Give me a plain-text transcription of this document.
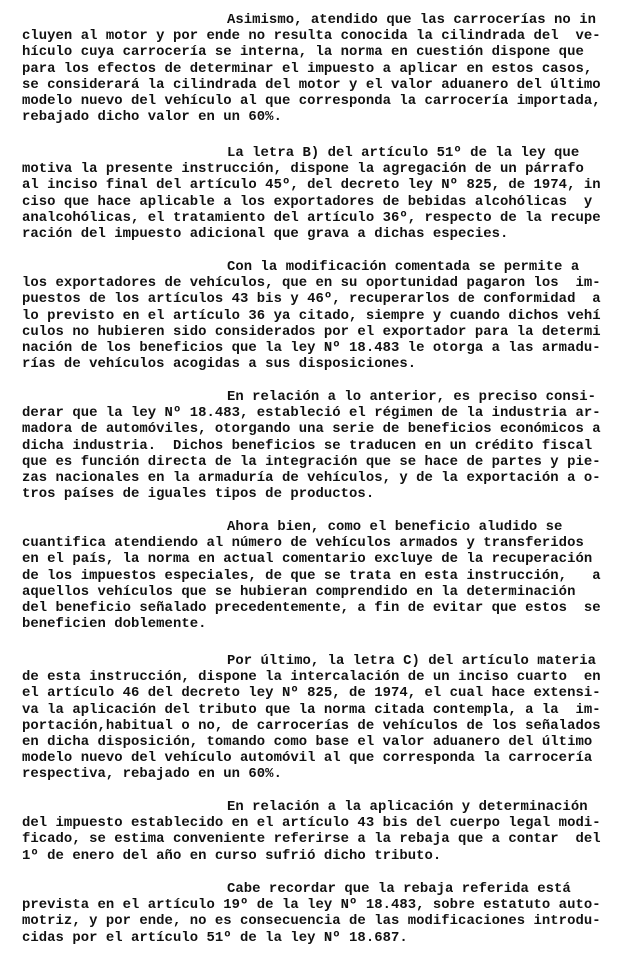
Asimismo, atendido que las carrocerías no in
cluyen al motor y por ende no resulta conocida la cilindrada del  ve-
hículo cuya carrocería se interna, la norma en cuestión dispone que
para los efectos de determinar el impuesto a aplicar en estos casos,
se considerará la cilindrada del motor y el valor aduanero del último
modelo nuevo del vehículo al que corresponda la carrocería importada,
rebajado dicho valor en un 60%.
La letra B) del artículo 51º de la ley que
motiva la presente instrucción, dispone la agregación de un párrafo
al inciso final del artículo 45º, del decreto ley Nº 825, de 1974, in
ciso que hace aplicable a los exportadores de bebidas alcohólicas  y
analcohólicas, el tratamiento del artículo 36º, respecto de la recupe
ración del impuesto adicional que grava a dichas especies.
Con la modificación comentada se permite a
los exportadores de vehículos, que en su oportunidad pagaron los  im-
puestos de los artículos 43 bis y 46º, recuperarlos de conformidad  a
lo previsto en el artículo 36 ya citado, siempre y cuando dichos vehí
culos no hubieren sido considerados por el exportador para la determi
nación de los beneficios que la ley Nº 18.483 le otorga a las armadu-
rías de vehículos acogidas a sus disposiciones.
En relación a lo anterior, es preciso consi-
derar que la ley Nº 18.483, estableció el régimen de la industria ar-
madora de automóviles, otorgando una serie de beneficios económicos a
dicha industria.  Dichos beneficios se traducen en un crédito fiscal
que es función directa de la integración que se hace de partes y pie-
zas nacionales en la armaduría de vehículos, y de la exportación a o-
tros países de iguales tipos de productos.
Ahora bien, como el beneficio aludido se
cuantifica atendiendo al número de vehículos armados y transferidos
en el país, la norma en actual comentario excluye de la recuperación
de los impuestos especiales, de que se trata en esta instrucción,   a
aquellos vehículos que se hubieran comprendido en la determinación
del beneficio señalado precedentemente, a fin de evitar que estos  se
beneficien doblemente.
Por último, la letra C) del artículo materia
de esta instrucción, dispone la intercalación de un inciso cuarto  en
el artículo 46 del decreto ley Nº 825, de 1974, el cual hace extensi-
va la aplicación del tributo que la norma citada contempla, a la  im-
portación,habitual o no, de carrocerías de vehículos de los señalados
en dicha disposición, tomando como base el valor aduanero del último
modelo nuevo del vehículo automóvil al que corresponda la carrocería
respectiva, rebajado en un 60%.
En relación a la aplicación y determinación
del impuesto establecido en el artículo 43 bis del cuerpo legal modi-
ficado, se estima conveniente referirse a la rebaja que a contar  del
1º de enero del año en curso sufrió dicho tributo.
Cabe recordar que la rebaja referida está
prevista en el artículo 19º de la ley Nº 18.483, sobre estatuto auto-
motriz, y por ende, no es consecuencia de las modificaciones introdu-
cidas por el artículo 51º de la ley Nº 18.687.
